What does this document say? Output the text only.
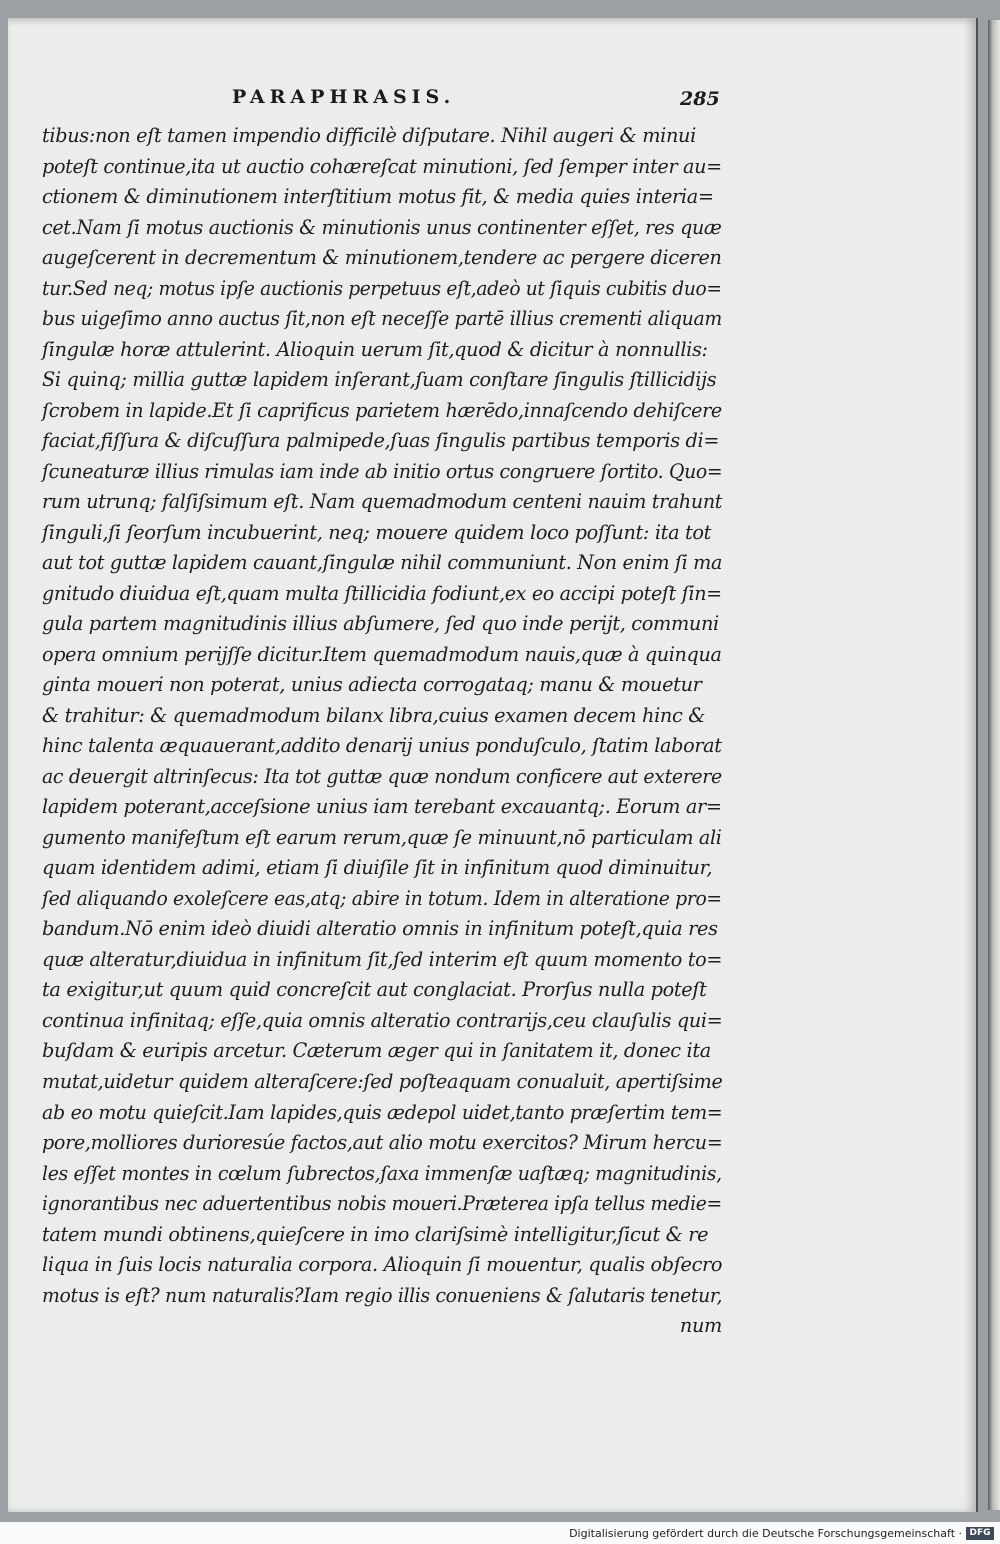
PARAPHRASIS.	285
tibus:non eſt tamen impendio difficilè diſputare. Nihil augeri & minui
poteſt continue,ita ut auctio cohæreſcat minutioni, ſed ſemper inter au=
ctionem & diminutionem interſtitium motus fit, & media quies interia=
cet.Nam ſi motus auctionis & minutionis unus continenter eſſet, res quæ
augeſcerent in decrementum & minutionem,tendere ac pergere diceren
tur.Sed neq; motus ipſe auctionis perpetuus eſt,adeò ut ſiquis cubitis duo=
bus uigeſimo anno auctus ſit,non eſt neceſſe partē illius crementi aliquam
ſingulæ horæ attulerint. Alioquin uerum ſit,quod & dicitur à nonnullis:
Si quinq; millia guttæ lapidem inſerant,ſuam conſtare ſingulis ſtillicidijs
ſcrobem in lapide.Et ſi caprificus parietem hærēdo,innaſcendo dehiſcere
faciat,fiſſura & diſcuſſura palmipede,ſuas ſingulis partibus temporis di=
ſcuneaturæ illius rimulas iam inde ab initio ortus congruere ſortito. Quo=
rum utrunq; falſiſsimum eſt. Nam quemadmodum centeni nauim trahunt
ſinguli,ſi ſeorſum incubuerint, neq; mouere quidem loco poſſunt: ita tot
aut tot guttæ lapidem cauant,ſingulæ nihil communiunt. Non enim ſi ma
gnitudo diuidua eſt,quam multa ſtillicidia fodiunt,ex eo accipi poteſt ſin=
gula partem magnitudinis illius abſumere, ſed quo inde perijt, communi
opera omnium perijſſe dicitur.Item quemadmodum nauis,quæ à quinqua
ginta moueri non poterat, unius adiecta corrogataq; manu & mouetur
& trahitur: & quemadmodum bilanx libra,cuius examen decem hinc &
hinc talenta æquauerant,addito denarij unius ponduſculo, ſtatim laborat
ac deuergit altrinſecus: Ita tot guttæ quæ nondum conficere aut exterere
lapidem poterant,acceſsione unius iam terebant excauantq;. Eorum ar=
gumento manifeſtum eſt earum rerum,quæ ſe minuunt,nō particulam ali
quam identidem adimi, etiam ſi diuiſile ſit in infinitum quod diminuitur,
ſed aliquando exoleſcere eas,atq; abire in totum. Idem in alteratione pro=
bandum.Nō enim ideò diuidi alteratio omnis in infinitum poteſt,quia res
quæ alteratur,diuidua in infinitum ſit,ſed interim eſt quum momento to=
ta exigitur,ut quum quid concreſcit aut conglaciat. Prorſus nulla poteſt
continua infinitaq; eſſe,quia omnis alteratio contrarijs,ceu clauſulis qui=
buſdam & euripis arcetur. Cæterum æger qui in ſanitatem it, donec ita
mutat,uidetur quidem alteraſcere:ſed poſteaquam conualuit, apertiſsime
ab eo motu quieſcit.Iam lapides,quis ædepol uidet,tanto præſertim tem=
pore,molliores durioresúe factos,aut alio motu exercitos? Mirum hercu=
les eſſet montes in cœlum ſubrectos,ſaxa immenſæ uaſtæq; magnitudinis,
ignorantibus nec aduertentibus nobis moueri.Præterea ipſa tellus medie=
tatem mundi obtinens,quieſcere in imo clariſsimè intelligitur,ſicut & re
liqua in ſuis locis naturalia corpora. Alioquin ſi mouentur, qualis obſecro
motus is eſt? num naturalis?Iam regio illis conueniens & ſalutaris tenetur,
num
Digitalisierung gefördert durch die Deutsche Forschungsgemeinschaft · DFG
